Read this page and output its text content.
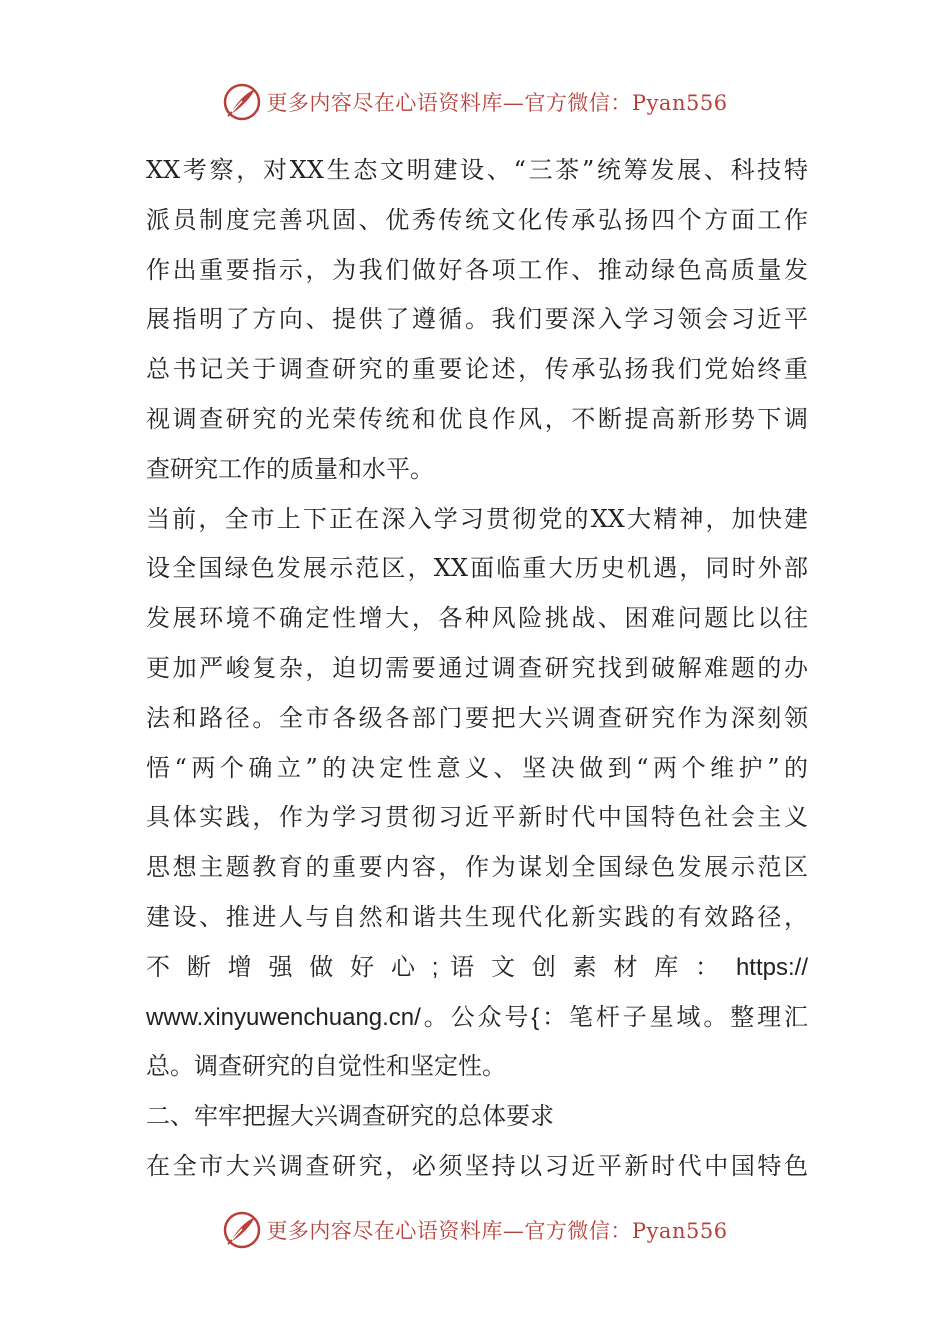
更多内容尽在心语资料库—官方微信：Pyan556
XX考察，对XX生态文明建设、“三茶”统筹发展、科技特
派员制度完善巩固、优秀传统文化传承弘扬四个方面工作
作出重要指示，为我们做好各项工作、推动绿色高质量发
展指明了方向、提供了遵循。我们要深入学习领会习近平
总书记关于调查研究的重要论述，传承弘扬我们党始终重
视调查研究的光荣传统和优良作风，不断提高新形势下调
查研究工作的质量和水平。
当前，全市上下正在深入学习贯彻党的XX大精神，加快建
设全国绿色发展示范区，XX面临重大历史机遇，同时外部
发展环境不确定性增大，各种风险挑战、困难问题比以往
更加严峻复杂，迫切需要通过调查研究找到破解难题的办
法和路径。全市各级各部门要把大兴调查研究作为深刻领
悟“两个确立”的决定性意义、坚决做到“两个维护”的
具体实践，作为学习贯彻习近平新时代中国特色社会主义
思想主题教育的重要内容，作为谋划全国绿色发展示范区
建设、推进人与自然和谐共生现代化新实践的有效路径，
不 断 增 强 做 好 心 ; 语 文 创 素 材 库 ： https://
www.xinyuwenchuang.cn/。公众号{：笔杆子星域。整理汇
总。调查研究的自觉性和坚定性。
二、牢牢把握大兴调查研究的总体要求
在全市大兴调查研究，必须坚持以习近平新时代中国特色
更多内容尽在心语资料库—官方微信：Pyan556
